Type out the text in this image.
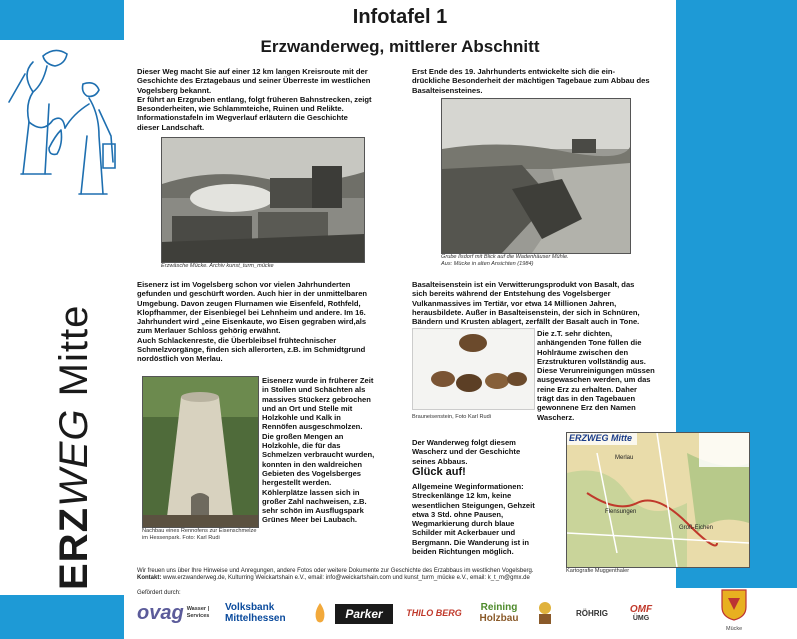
ERZWEG Mitte
Infotafel 1
Erzwanderweg, mittlerer Abschnitt

Dieser Weg macht Sie auf einer 12 km langen Kreisroute mit der

Geschichte des Erztagebaus und seiner Überreste im westlichen

Vogelsberg bekannt.

Er führt an Erzgruben entlang, folgt früheren Bahnstrecken, zeigt

Besonderheiten, wie Schlammteiche, Ruinen und Relikte.

Informationstafeln im Wegverlauf erläutern die Geschichte

dieser Landschaft.

Erzwäsche Mücke. Archiv kunst_turm_mücke

Eisenerz ist im Vogelsberg schon vor vielen Jahrhunderten

gefunden und geschürft worden. Auch hier in der unmittelbaren

Umgebung. Davon zeugen Flurnamen wie Eisenfeld, Rothfeld,

Klopfhammer, der Eisenbiegel bei Lehnheim und andere. Im 16.

Jahrhundert wird „eine Eisenkaute, wo Eisen gegraben wird,als

zum Merlauer Schloss gehörig erwähnt.

Auch Schlackenreste, die Überbleibsel frühtechnischer

Schmelzvorgänge, finden sich allerorten, z.B. im Schmidtgrund

nordöstlich von Merlau.

Nachbau eines Rennofens zur Eisenschmelze

im Hessenpark. Foto: Karl Rudi

Eisenerz wurde in früherer Zeit

in Stollen und Schächten als

massives Stückerz gebrochen

und an Ort und Stelle mit

Holzkohle und Kalk in

Rennöfen ausgeschmolzen.

Die großen Mengen an

Holzkohle, die für das

Schmelzen verbraucht wurden,

konnten in den waldreichen

Gebieten des Vogelsberges

hergestellt werden.

Köhlerplätze lassen sich in

großer Zahl nachweisen, z.B.

sehr schön im Ausflugspark

Grünes Meer bei Laubach.

Erst Ende des 19. Jahrhunderts entwickelte sich die ein-

drückliche Besonderheit der mächtigen Tagebaue zum Abbau des

Basalteisensteines.

Grube Ilsdorf mit Blick auf die Wadenhäuser Mühle.

Aus: Mücke in alten Ansichten (1984)

Basalteisenstein ist ein Verwitterungsprodukt von Basalt, das

sich bereits während der Entstehung des Vogelsberger

Vulkanmassives im Tertiär, vor etwa 14 Millionen Jahren,

herausbildete. Außer in Basalteisenstein, der sich in Schnüren,

Bändern und Krusten ablagert, zerfällt der Basalt auch in Tone.

Brauneisenstein, Foto Karl Rudi

Die z.T. sehr dichten,

anhängenden Tone füllen die

Hohlräume zwischen den

Erzstrukturen vollständig aus.

Diese Verunreinigungen müssen

ausgewaschen werden, um das

reine Erz zu erhalten. Daher

trägt das in den Tagebauen

gewonnene Erz den Namen

Wascherz.

Der Wanderweg folgt diesem

Wascherz und der Geschichte

seines Abbaus.

Glück auf!

Allgemeine Weginformationen:

Streckenlänge 12 km, keine

wesentlichen Steigungen, Gehzeit

etwa 3 Std. ohne Pausen,

Wegmarkierung durch blaue

Schilder mit Ackerbauer und

Bergmann. Die Wanderung ist in

beiden Richtungen möglich.

ERZWEG Mitte
Flensungen
Groß-Eichen
Merlau
Kartografie Muggenthaler
Wir freuen uns über Ihre Hinweise und Anregungen, andere Fotos oder weitere Dokumente zur Geschichte des Erzabbaus im westlichen Vogelsberg.
Kontakt: www.erzwanderweg.de, Kulturring Weickartshain e.V., email: info@weickartshain.com und kunst_turm_mücke e.V., email: k_t_m@gmx.de
Gefördert durch:
ovag Wasser | Services
Volksbank
Mittelhessen	Parker	THILO BERG Reining
Holzbau	RÖHRIG OMF
ÜMG
Mücke
